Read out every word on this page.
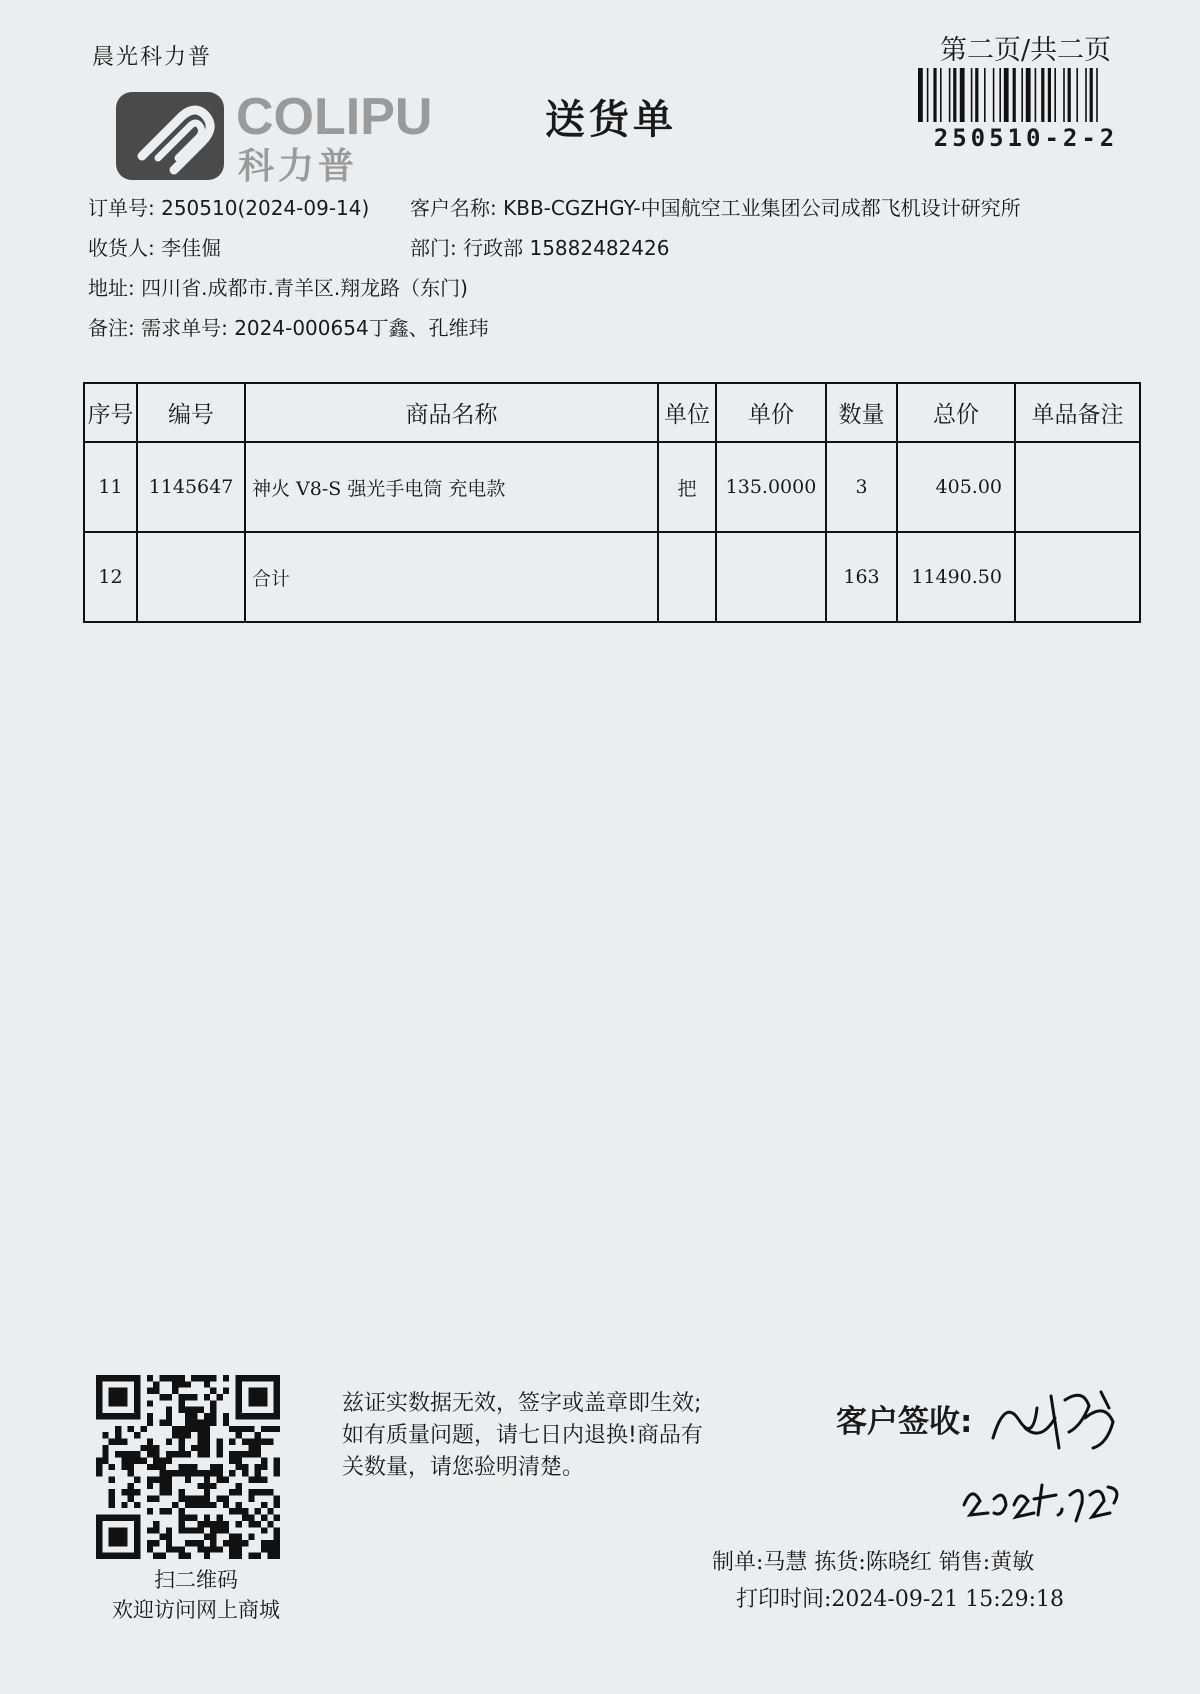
晨光科力普	第二页/共二页
250510-2-2
COLIPU
科力普
送货单
订单号: 250510(2024-09-14) 客户名称: KBB-CGZHGY-中国航空工业集团公司成都飞机设计研究所
收货人: 李佳倔	部门: 行政部 15882482426
地址: 四川省.成都市.青羊区.翔龙路（东门)
备注: 需求单号: 2024-000654丁鑫、孔维玮
序号	编号	商品名称	单位	单价	数量	总价	单品备注
11	1145647	神火 V8-S 强光手电筒 充电款	把	135.0000	3	405.00	
12		合计			163	11490.50	
扫二维码
欢迎访问网上商城
兹证实数据无效，签字或盖章即生效;
如有质量问题，请七日内退换!商品有
关数量，请您验明清楚。
客户签收:
制单:马慧 拣货:陈晓红 销售:黄敏
打印时间:2024-09-21 15:29:18
